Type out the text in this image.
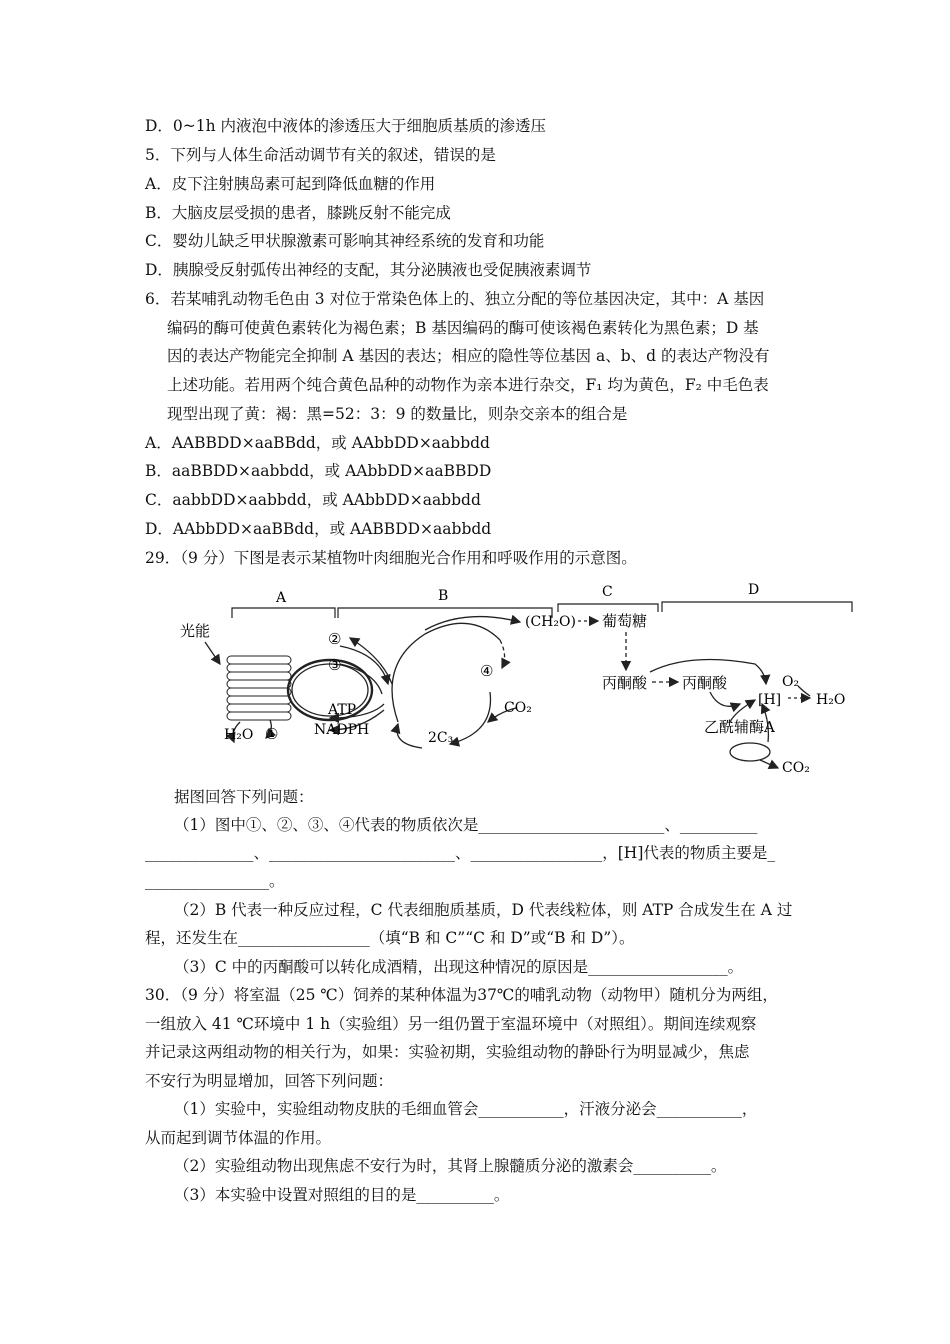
D．0~1h 内液泡中液体的渗透压大于细胞质基质的渗透压
5．下列与人体生命活动调节有关的叙述，错误的是
A．皮下注射胰岛素可起到降低血糖的作用
B．大脑皮层受损的患者，膝跳反射不能完成
C．婴幼儿缺乏甲状腺激素可影响其神经系统的发育和功能
D．胰腺受反射弧传出神经的支配，其分泌胰液也受促胰液素调节
6．若某哺乳动物毛色由 3 对位于常染色体上的、独立分配的等位基因决定，其中：A 基因
编码的酶可使黄色素转化为褐色素；B 基因编码的酶可使该褐色素转化为黑色素；D 基
因的表达产物能完全抑制 A 基因的表达；相应的隐性等位基因 a、b、d 的表达产物没有
上述功能。若用两个纯合黄色品种的动物作为亲本进行杂交，F₁ 均为黄色，F₂ 中毛色表
现型出现了黄：褐：黑=52：3：9 的数量比，则杂交亲本的组合是
A．AABBDD×aaBBdd，或 AAbbDD×aabbdd
B．aaBBDD×aabbdd，或 AAbbDD×aaBBDD
C．aabbDD×aabbdd，或 AAbbDD×aabbdd
D．AAbbDD×aaBBdd，或 AABBDD×aabbdd
29．（9 分）下图是表示某植物叶肉细胞光合作用和呼吸作用的示意图。
A	B	C	D
光能
H₂O ①
②
③
ATP
NADPH
④
CO₂
2C₃
(CH₂O) 葡萄糖
丙酮酸 丙酮酸
[H]
O₂
H₂O
乙酰辅酶A
CO₂
据图回答下列问题：
（1）图中①、②、③、④代表的物质依次是________________________、__________
______________、________________________、_________________，[H]代表的物质主要是_
________________。
（2）B 代表一种反应过程，C 代表细胞质基质，D 代表线粒体，则 ATP 合成发生在 A 过
程，还发生在_________________（填“B 和 C”“C 和 D”或“B 和 D”）。
（3）C 中的丙酮酸可以转化成酒精，出现这种情况的原因是__________________。
30．（9 分）将室温（25 ℃）饲养的某种体温为37℃的哺乳动物（动物甲）随机分为两组，
一组放入 41 ℃环境中 1 h（实验组）另一组仍置于室温环境中（对照组）。期间连续观察
并记录这两组动物的相关行为，如果：实验初期，实验组动物的静卧行为明显减少，焦虑
不安行为明显增加，回答下列问题：
（1）实验中，实验组动物皮肤的毛细血管会___________，汗液分泌会___________，
从而起到调节体温的作用。
（2）实验组动物出现焦虑不安行为时，其肾上腺髓质分泌的激素会__________。
（3）本实验中设置对照组的目的是__________。
